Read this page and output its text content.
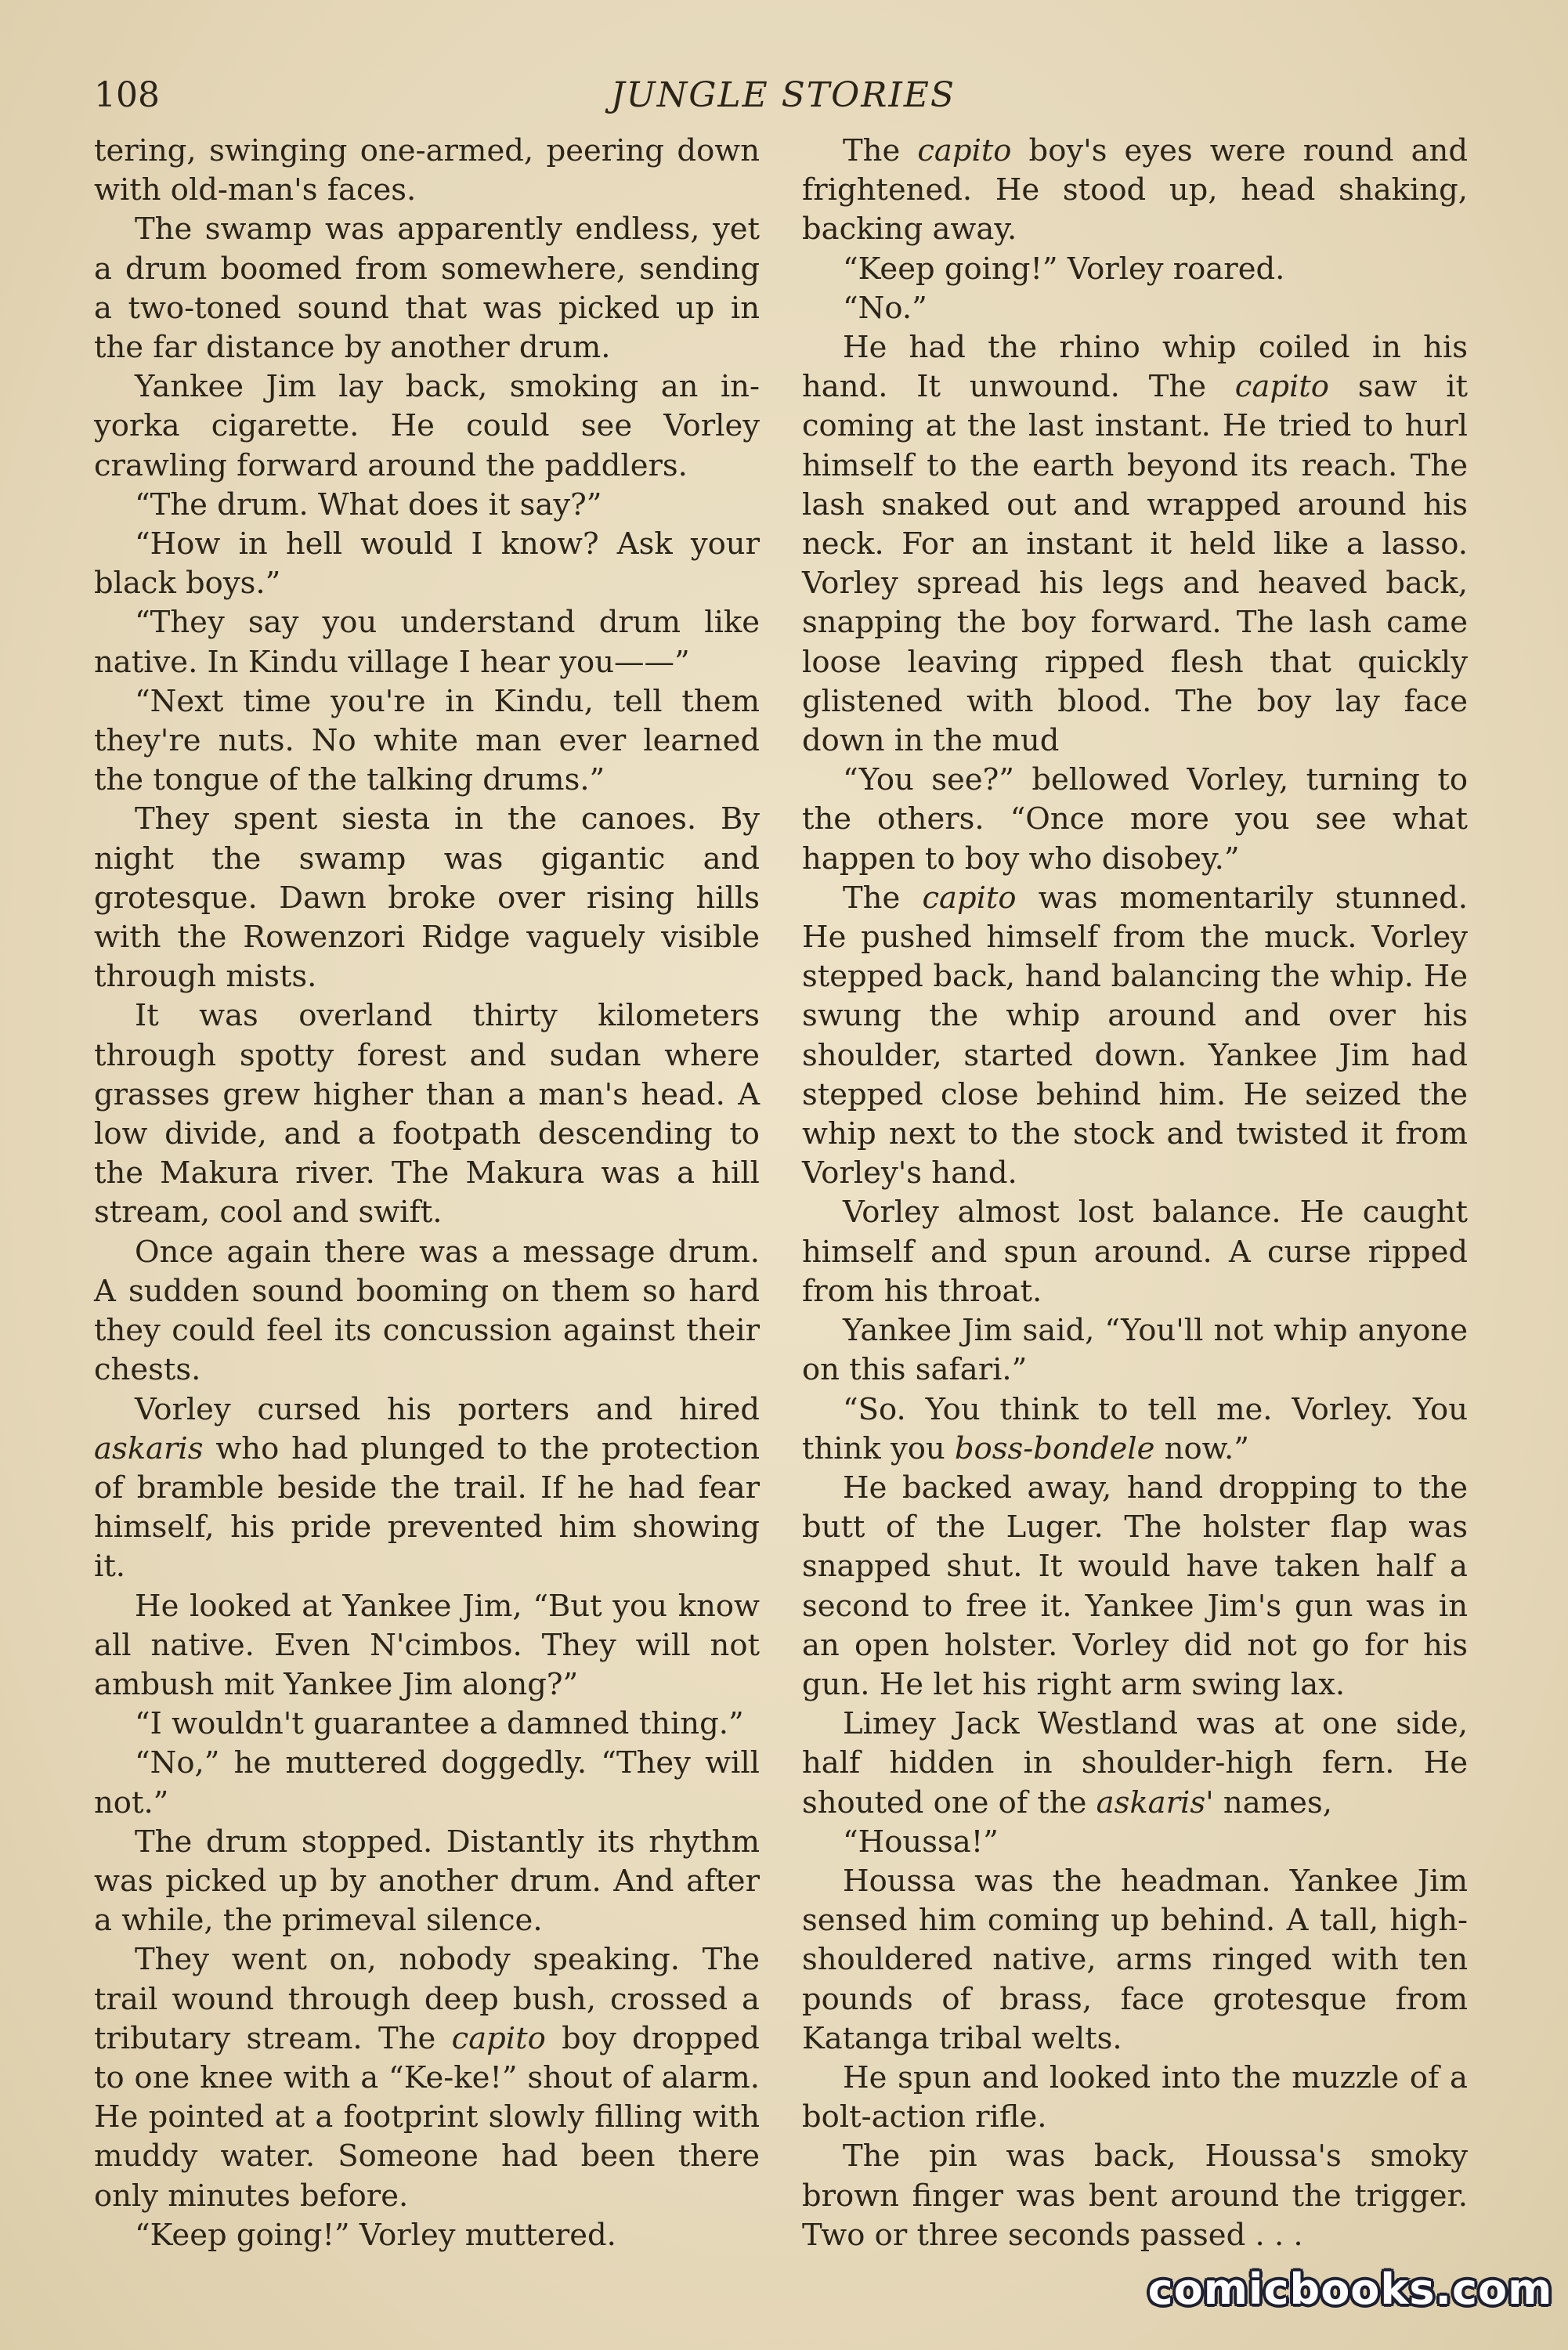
108	JUNGLE STORIES

tering, swinging one-armed, peering down with old-man's faces.

The swamp was apparently endless, yet a drum boomed from somewhere, sending a two-toned sound that was picked up in the far distance by another drum.

Yankee Jim lay back, smoking an in-yorka cigarette. He could see Vorley crawling forward around the paddlers.

“The drum. What does it say?”

“How in hell would I know? Ask your black boys.”

“They say you understand drum like native. In Kindu village I hear you——”

“Next time you're in Kindu, tell them they're nuts. No white man ever learned the tongue of the talking drums.”

They spent siesta in the canoes. By night the swamp was gigantic and grotesque. Dawn broke over rising hills with the Rowenzori Ridge vaguely visible through mists.

It was overland thirty kilometers through spotty forest and sudan where grasses grew higher than a man's head. A low divide, and a footpath descending to the Makura river. The Makura was a hill stream, cool and swift.

Once again there was a message drum. A sudden sound booming on them so hard they could feel its concussion against their chests.

Vorley cursed his porters and hired askaris who had plunged to the protection of bramble beside the trail. If he had fear himself, his pride prevented him showing it.

He looked at Yankee Jim, “But you know all native. Even N'cimbos. They will not ambush mit Yankee Jim along?”

“I wouldn't guarantee a damned thing.”

“No,” he muttered doggedly. “They will not.”

The drum stopped. Distantly its rhythm was picked up by another drum. And after a while, the primeval silence.

They went on, nobody speaking. The trail wound through deep bush, crossed a tributary stream. The capito boy dropped to one knee with a “Ke-ke!” shout of alarm. He pointed at a footprint slowly filling with muddy water. Someone had been there only minutes before.

“Keep going!” Vorley muttered.

The capito boy's eyes were round and frightened. He stood up, head shaking, backing away.

“Keep going!” Vorley roared.

“No.”

He had the rhino whip coiled in his hand. It unwound. The capito saw it coming at the last instant. He tried to hurl himself to the earth beyond its reach. The lash snaked out and wrapped around his neck. For an instant it held like a lasso. Vorley spread his legs and heaved back, snapping the boy forward. The lash came loose leaving ripped flesh that quickly glistened with blood. The boy lay face down in the mud

“You see?” bellowed Vorley, turning to the others. “Once more you see what happen to boy who disobey.”

The capito was momentarily stunned. He pushed himself from the muck. Vorley stepped back, hand balancing the whip. He swung the whip around and over his shoulder, started down. Yankee Jim had stepped close behind him. He seized the whip next to the stock and twisted it from Vorley's hand.

Vorley almost lost balance. He caught himself and spun around. A curse ripped from his throat.

Yankee Jim said, “You'll not whip anyone on this safari.”

“So. You think to tell me. Vorley. You think you boss-bondele now.”

He backed away, hand dropping to the butt of the Luger. The holster flap was snapped shut. It would have taken half a second to free it. Yankee Jim's gun was in an open holster. Vorley did not go for his gun. He let his right arm swing lax.

Limey Jack Westland was at one side, half hidden in shoulder-high fern. He shouted one of the askaris' names,

“Houssa!”

Houssa was the headman. Yankee Jim sensed him coming up behind. A tall, high-shouldered native, arms ringed with ten pounds of brass, face grotesque from Katanga tribal welts.

He spun and looked into the muzzle of a bolt-action rifle.

The pin was back, Houssa's smoky brown finger was bent around the trigger. Two or three seconds passed . . .

comicbooks.com
